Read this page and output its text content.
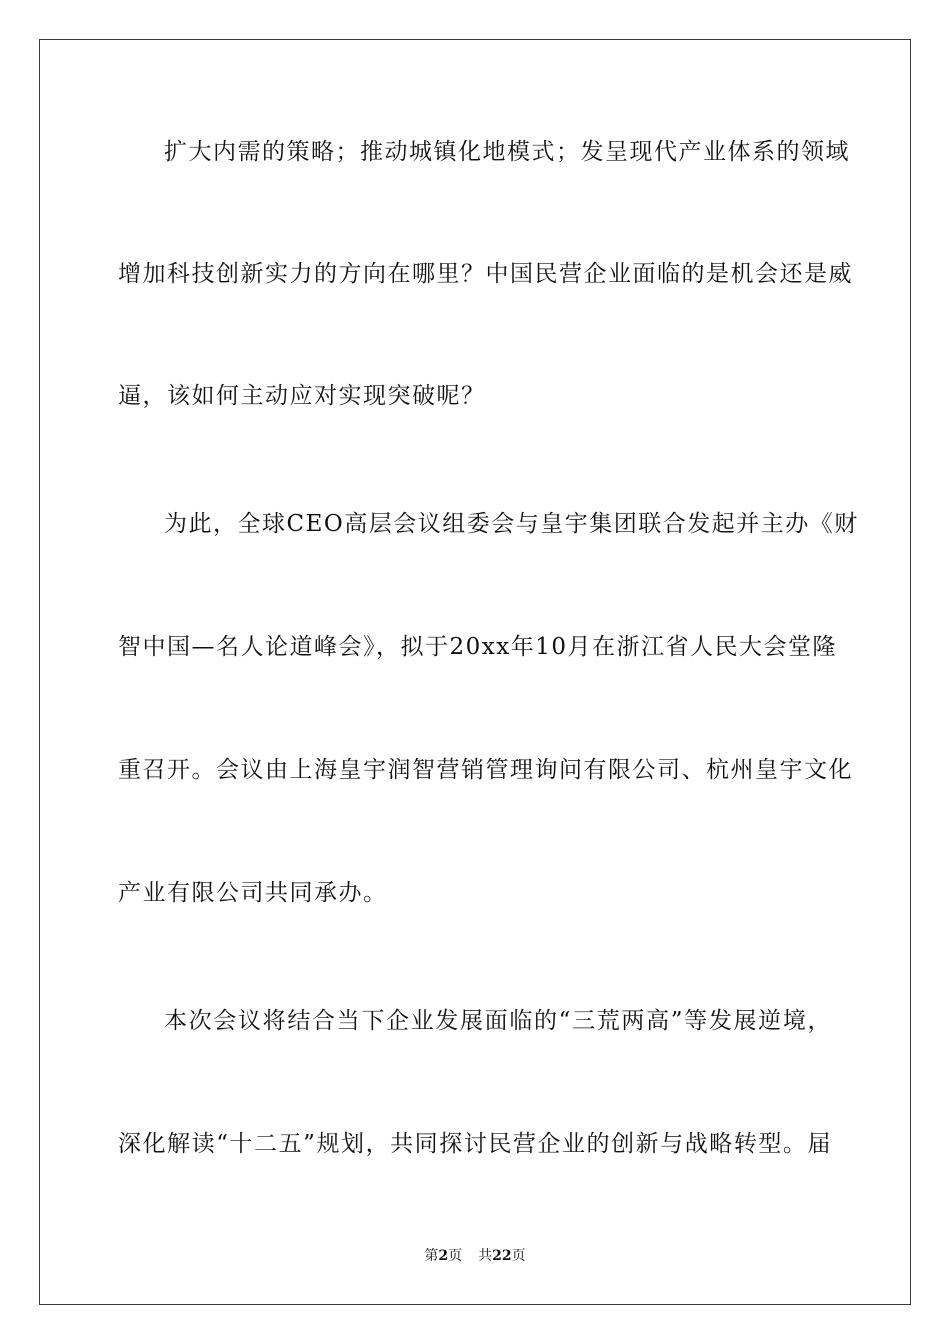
扩大内需的策略；推动城镇化地模式；发呈现代产业体系的领域
增加科技创新实力的方向在哪里？中国民营企业面临的是机会还是威
逼，该如何主动应对实现突破呢？
为此，全球CEO高层会议组委会与皇宇集团联合发起并主办《财
智中国—名人论道峰会》，拟于20xx年10月在浙江省人民大会堂隆
重召开。会议由上海皇宇润智营销管理询问有限公司、杭州皇宇文化
产业有限公司共同承办。
本次会议将结合当下企业发展面临的“三荒两高”等发展逆境，
深化解读“十二五”规划，共同探讨民营企业的创新与战略转型。届
第2页 共22页
